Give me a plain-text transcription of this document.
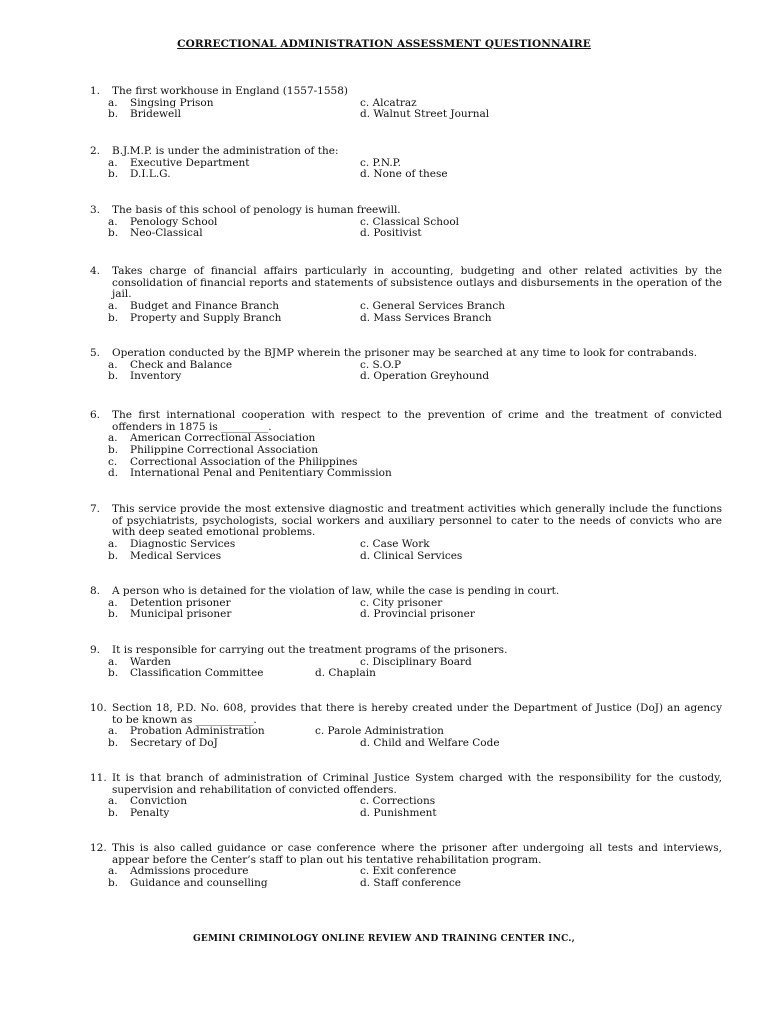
CORRECTIONAL ADMINISTRATION ASSESSMENT QUESTIONNAIRE
1.	The first workhouse in England (1557-1558)
a. Singsing Prison	c. Alcatraz
b. Bridewell	d. Walnut Street Journal
2.	B.J.M.P. is under the administration of the:
a. Executive Department	c. P.N.P.
b. D.I.L.G.	d. None of these
3.	The basis of this school of penology is human freewill.
a. Penology School	c. Classical School
b. Neo-Classical	d. Positivist
4.	Takes charge of financial affairs particularly in accounting, budgeting and other related activities by the consolidation of financial reports and statements of subsistence outlays and disbursements in the operation of the jail.
a. Budget and Finance Branch	c. General Services Branch
b. Property and Supply Branch	d. Mass Services Branch
5.	Operation conducted by the BJMP wherein the prisoner may be searched at any time to look for contrabands.
a. Check and Balance	c. S.O.P
b. Inventory	d. Operation Greyhound
6.	The first international cooperation with respect to the prevention of crime and the treatment of convicted offenders in 1875 is _________.
a. American Correctional Association
b. Philippine Correctional Association
c. Correctional Association of the Philippines
d. International Penal and Penitentiary Commission
7.	This service provide the most extensive diagnostic and treatment activities which generally include the functions of psychiatrists, psychologists, social workers and auxiliary personnel to cater to the needs of convicts who are with deep seated emotional problems.
a. Diagnostic Services	c. Case Work
b. Medical Services	d. Clinical Services
8.	A person who is detained for the violation of law, while the case is pending in court.
a. Detention prisoner	c. City prisoner
b. Municipal prisoner	d. Provincial prisoner
9.	It is responsible for carrying out the treatment programs of the prisoners.
a. Warden	c. Disciplinary Board
b. Classification Committee	d. Chaplain
10. Section 18, P.D. No. 608, provides that there is hereby created under the Department of Justice (DoJ) an agency to be known as ___________.
a. Probation Administration	c. Parole Administration
b. Secretary of DoJ	d. Child and Welfare Code
11. It is that branch of administration of Criminal Justice System charged with the responsibility for the custody, supervision and rehabilitation of convicted offenders.
a. Conviction	c. Corrections
b. Penalty	d. Punishment
12. This is also called guidance or case conference where the prisoner after undergoing all tests and interviews, appear before the Center’s staff to plan out his tentative rehabilitation program.
a. Admissions procedure	c. Exit conference
b. Guidance and counselling	d. Staff conference
GEMINI CRIMINOLOGY ONLINE REVIEW AND TRAINING CENTER INC.,
